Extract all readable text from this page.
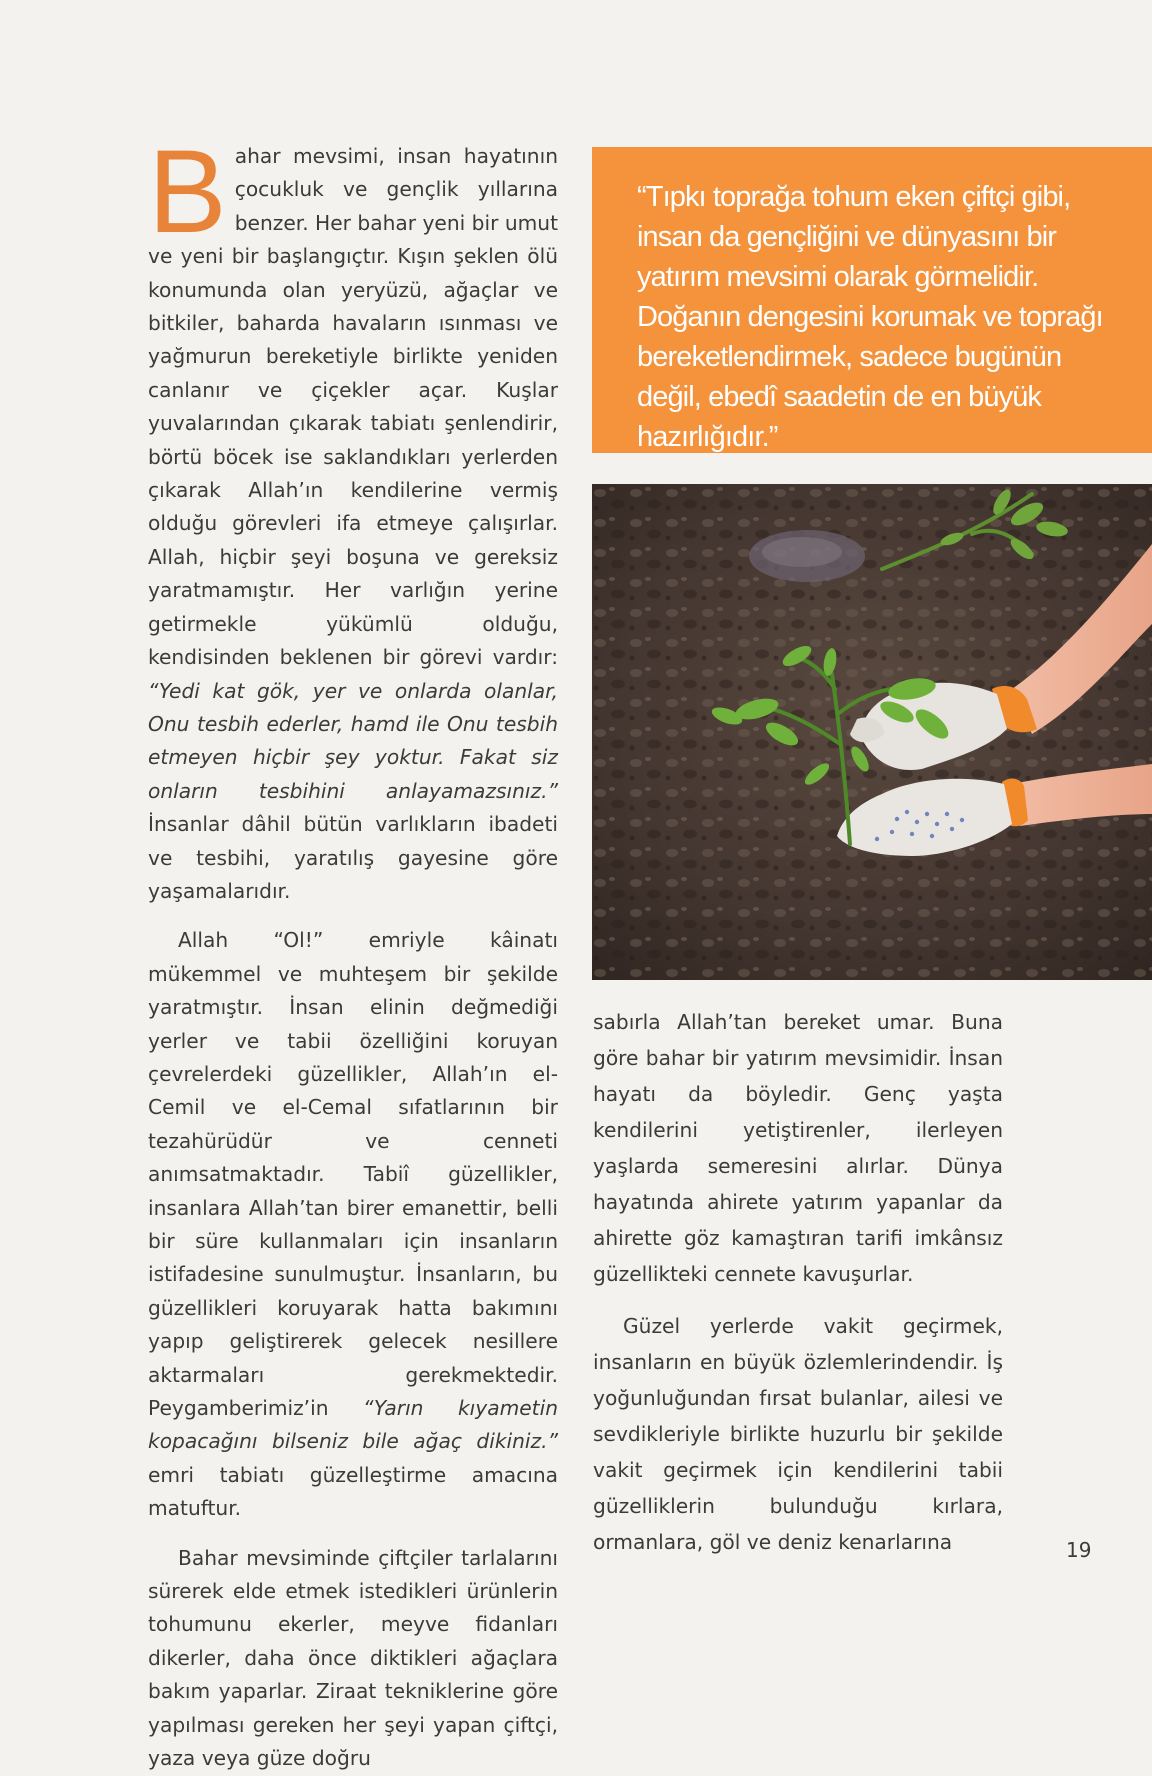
Bahar mevsimi, insan hayatının çocukluk ve gençlik yıllarına benzer. Her bahar yeni bir umut ve yeni bir başlangıçtır. Kışın şeklen ölü konumunda olan yeryüzü, ağaçlar ve bitkiler, baharda havaların ısınması ve yağmurun bereketiyle birlikte yeniden canlanır ve çiçekler açar. Kuşlar yuvalarından çıkarak tabiatı şenlendirir, börtü böcek ise saklandıkları yerlerden çıkarak Allah’ın kendilerine vermiş olduğu görevleri ifa etmeye çalışırlar. Allah, hiçbir şeyi boşuna ve gereksiz yaratmamıştır. Her varlığın yerine getirmekle yükümlü olduğu, kendisinden beklenen bir görevi vardır: “Yedi kat gök, yer ve onlarda olanlar, Onu tesbih ederler, hamd ile Onu tesbih etmeyen hiçbir şey yoktur. Fakat siz onların tesbihini anlayamazsınız.” İnsanlar dâhil bütün varlıkların ibadeti ve tesbihi, yaratılış gayesine göre yaşamalarıdır.

Allah “Ol!” emriyle kâinatı mükemmel ve muhteşem bir şekilde yaratmıştır. İnsan elinin değmediği yerler ve tabii özelliğini koruyan çevrelerdeki güzellikler, Allah’ın el-Cemil ve el-Cemal sıfatlarının bir tezahürüdür ve cenneti anımsatmaktadır. Tabiî güzellikler, insanlara Allah’tan birer emanettir, belli bir süre kullanmaları için insanların istifadesine sunulmuştur. İnsanların, bu güzellikleri koruyarak hatta bakımını yapıp geliştirerek gelecek nesillere aktarmaları gerekmektedir. Peygamberimiz’in “Yarın kıyametin kopacağını bilseniz bile ağaç dikiniz.” emri tabiatı güzelleştirme amacına matuftur.

Bahar mevsiminde çiftçiler tarlalarını sürerek elde etmek istedikleri ürünlerin tohumunu ekerler, meyve fidanları dikerler, daha önce diktikleri ağaçlara bakım yaparlar. Ziraat tekniklerine göre yapılması gereken her şeyi yapan çiftçi, yaza veya güze doğru

“Tıpkı toprağa tohum eken çiftçi gibi, insan da gençliğini ve dünyasını bir yatırım mevsimi olarak görmelidir. Doğanın dengesini korumak ve toprağı bereketlendirmek, sadece bugünün değil, ebedî saadetin de en büyük hazırlığıdır.”

sabırla Allah’tan bereket umar. Buna göre bahar bir yatırım mevsimidir. İnsan hayatı da böyledir. Genç yaşta kendilerini yetiştirenler, ilerleyen yaşlarda semeresini alırlar. Dünya hayatında ahirete yatırım yapanlar da ahirette göz kamaştıran tarifi imkânsız güzellikteki cennete kavuşurlar.

Güzel yerlerde vakit geçirmek, insanların en büyük özlemlerindendir. İş yoğunluğundan fırsat bulanlar, ailesi ve sevdikleriyle birlikte huzurlu bir şekilde vakit geçirmek için kendilerini tabii güzelliklerin bulunduğu kırlara, ormanlara, göl ve deniz kenarlarına	19
